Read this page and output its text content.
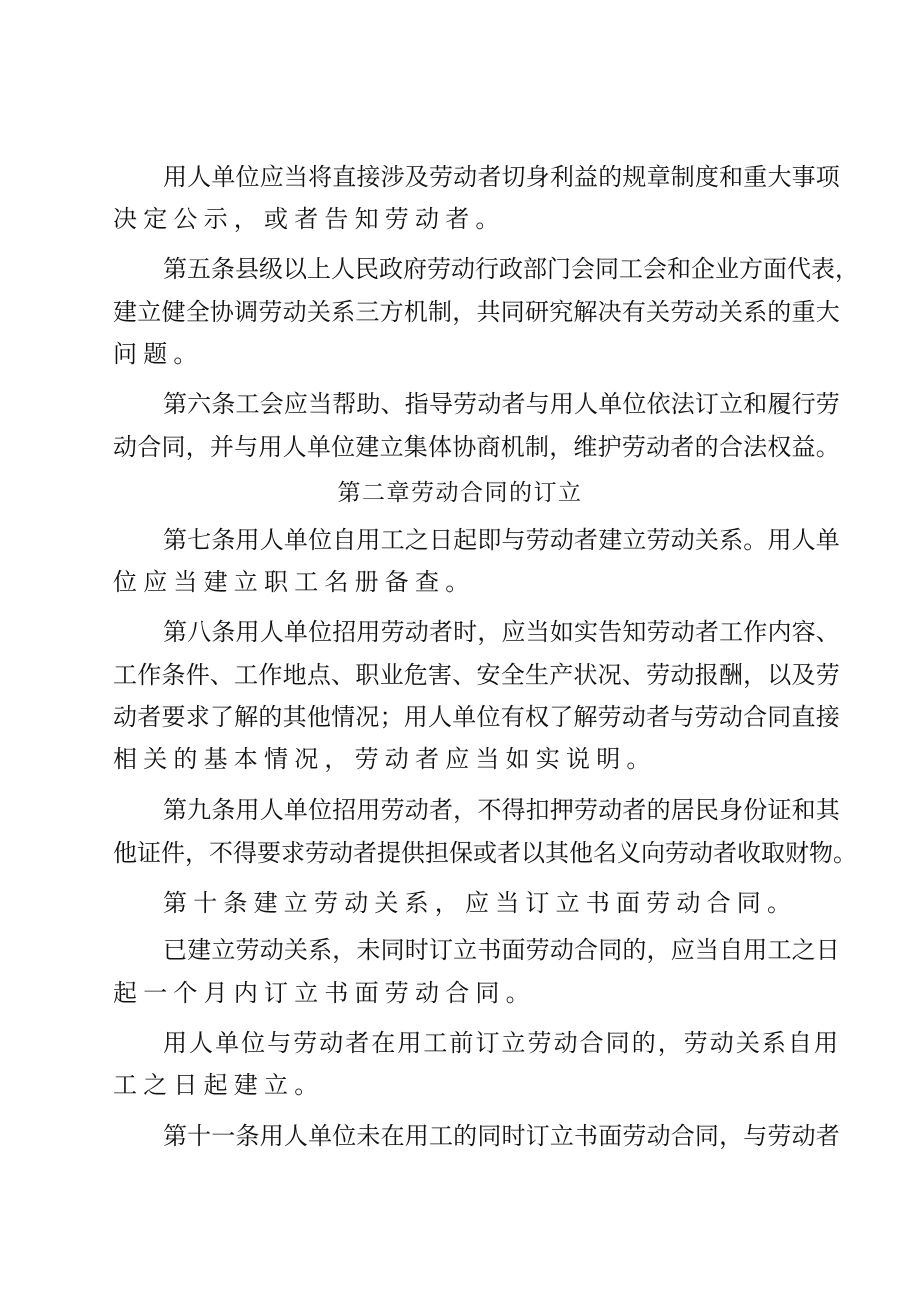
用人单位应当将直接涉及劳动者切身利益的规章制度和重大事项
决定公示，或者告知劳动者。
第五条县级以上人民政府劳动行政部门会同工会和企业方面代表，
建立健全协调劳动关系三方机制，共同研究解决有关劳动关系的重大
问题。
第六条工会应当帮助、指导劳动者与用人单位依法订立和履行劳
动合同，并与用人单位建立集体协商机制，维护劳动者的合法权益。
第二章劳动合同的订立
第七条用人单位自用工之日起即与劳动者建立劳动关系。用人单
位应当建立职工名册备查。
第八条用人单位招用劳动者时，应当如实告知劳动者工作内容、
工作条件、工作地点、职业危害、安全生产状况、劳动报酬，以及劳
动者要求了解的其他情况；用人单位有权了解劳动者与劳动合同直接
相关的基本情况，劳动者应当如实说明。
第九条用人单位招用劳动者，不得扣押劳动者的居民身份证和其
他证件，不得要求劳动者提供担保或者以其他名义向劳动者收取财物。
第十条建立劳动关系，应当订立书面劳动合同。
已建立劳动关系，未同时订立书面劳动合同的，应当自用工之日
起一个月内订立书面劳动合同。
用人单位与劳动者在用工前订立劳动合同的，劳动关系自用
工之日起建立。
第十一条用人单位未在用工的同时订立书面劳动合同，与劳动者
